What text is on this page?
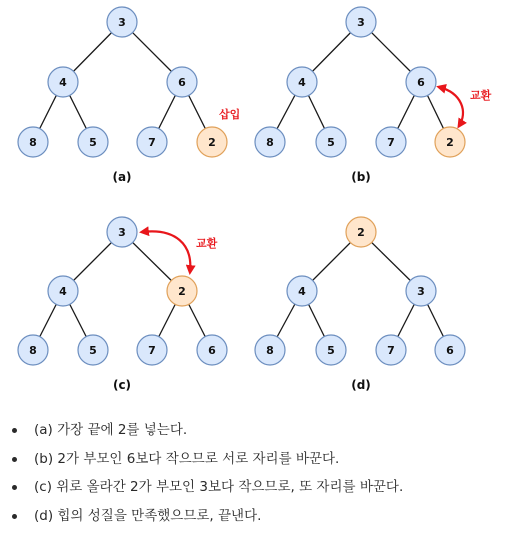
3
4	6
8	5	7	2
삽입
(a)
3
4	6
8	5	7	2
교환
(b)
3
4	2
8	5	7	6
교환
(c)
2
4	3
8	5	7	6
(d)
(a) 가장 끝에 2를 넣는다.
(b) 2가 부모인 6보다 작으므로 서로 자리를 바꾼다.
(c) 위로 올라간 2가 부모인 3보다 작으므로, 또 자리를 바꾼다.
(d) 힙의 성질을 만족했으므로, 끝낸다.
